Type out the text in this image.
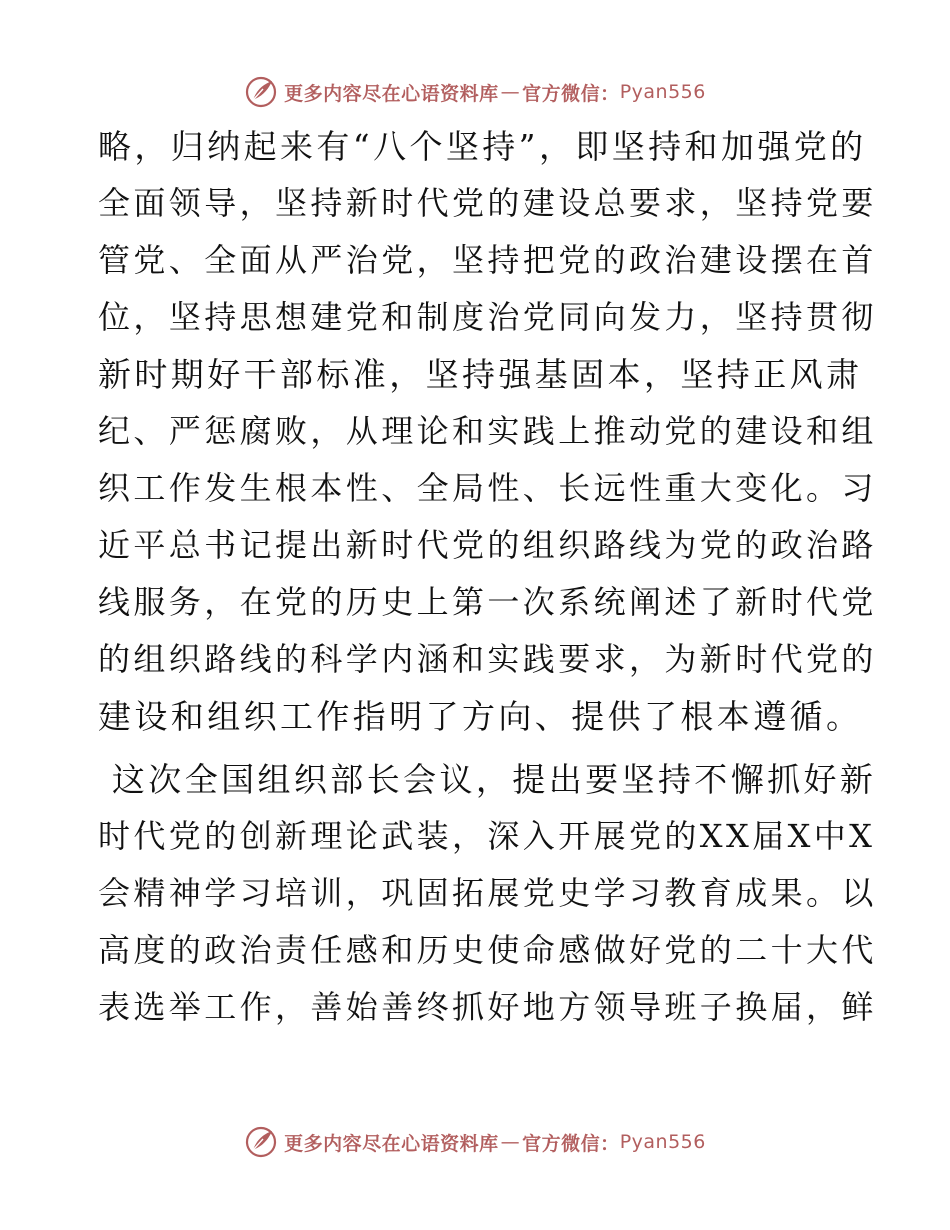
更多内容尽在心语资料库 — 官方微信： Pyan556
略，归纳起来有“八个坚持”，即坚持和加强党的
全面领导，坚持新时代党的建设总要求，坚持党要
管党、全面从严治党，坚持把党的政治建设摆在首
位，坚持思想建党和制度治党同向发力，坚持贯彻
新时期好干部标准，坚持强基固本，坚持正风肃
纪、严惩腐败，从理论和实践上推动党的建设和组
织工作发生根本性、全局性、长远性重大变化。习
近平总书记提出新时代党的组织路线为党的政治路
线服务，在党的历史上第一次系统阐述了新时代党
的组织路线的科学内涵和实践要求，为新时代党的
建设和组织工作指明了方向、提供了根本遵循。
这次全国组织部长会议，提出要坚持不懈抓好新
时代党的创新理论武装，深入开展党的XX届X中X
会精神学习培训，巩固拓展党史学习教育成果。以
高度的政治责任感和历史使命感做好党的二十大代
表选举工作，善始善终抓好地方领导班子换届，鲜
更多内容尽在心语资料库 — 官方微信： Pyan556
